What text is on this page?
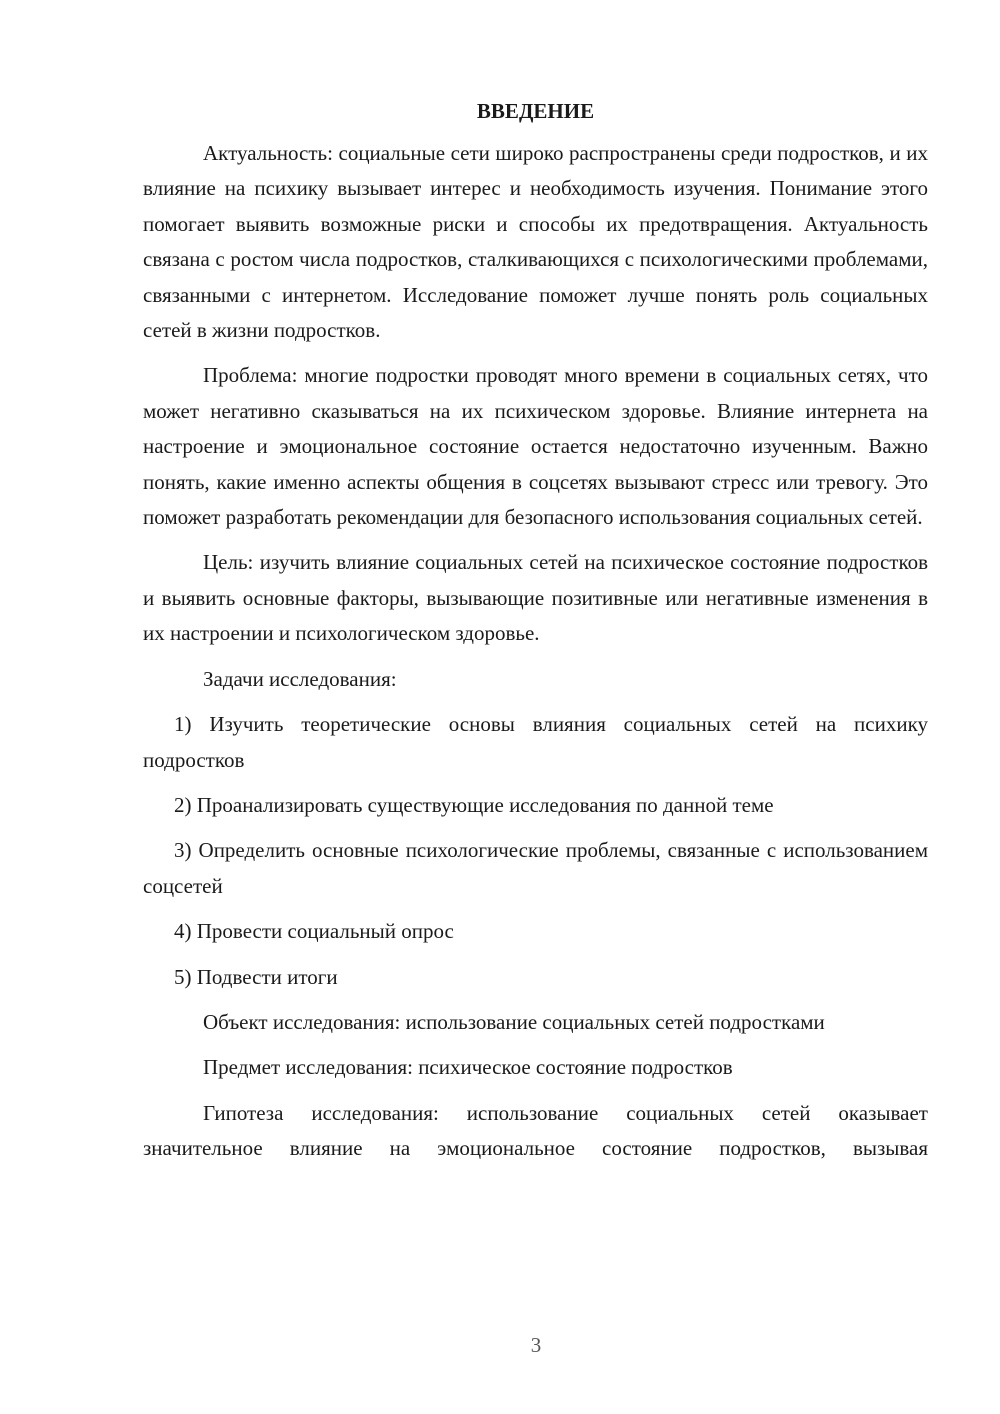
ВВЕДЕНИЕ

Актуальность: социальные сети широко распространены среди подростков, и их влияние на психику вызывает интерес и необходимость изучения. Понимание этого помогает выявить возможные риски и способы их предотвращения. Актуальность связана с ростом числа подростков, сталкивающихся с психологическими проблемами, связанными с интернетом. Исследование поможет лучше понять роль социальных сетей в жизни подростков.

Проблема: многие подростки проводят много времени в социальных сетях, что может негативно сказываться на их психическом здоровье. Влияние интернета на настроение и эмоциональное состояние остается недостаточно изученным. Важно понять, какие именно аспекты общения в соцсетях вызывают стресс или тревогу. Это поможет разработать рекомендации для безопасного использования социальных сетей.

Цель: изучить влияние социальных сетей на психическое состояние подростков и выявить основные факторы, вызывающие позитивные или негативные изменения в их настроении и психологическом здоровье.

Задачи исследования:

1) Изучить теоретические основы влияния социальных сетей на психику подростков

2) Проанализировать существующие исследования по данной теме

3) Определить основные психологические проблемы, связанные с использованием соцсетей

4) Провести социальный опрос

5) Подвести итоги

Объект исследования: использование социальных сетей подростками

Предмет исследования: психическое состояние подростков

Гипотеза исследования: использование социальных сетей оказывает значительное влияние на эмоциональное состояние подростков, вызывая

3
